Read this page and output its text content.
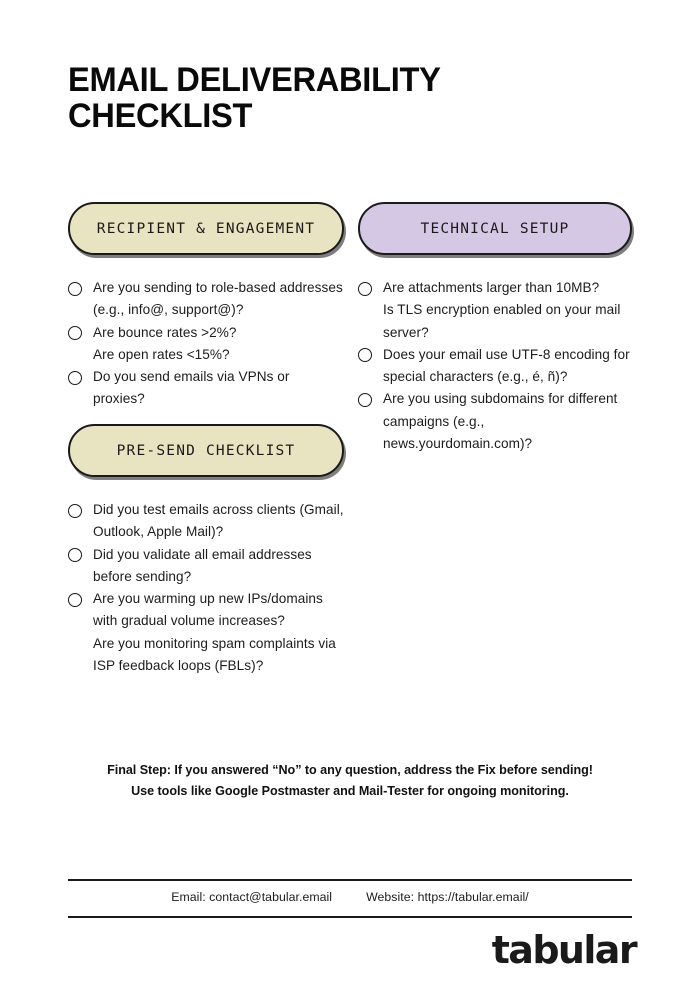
EMAIL DELIVERABILITY
CHECKLIST
RECIPIENT & ENGAGEMENT
Are you sending to role-based addresses (e.g., info@, support@)?
Are bounce rates >2%?
Are open rates <15%?
Do you send emails via VPNs or proxies?
TECHNICAL SETUP
Are attachments larger than 10MB?
Is TLS encryption enabled on your mail server?
Does your email use UTF-8 encoding for special characters (e.g., é, ñ)?
Are you using subdomains for different campaigns (e.g., news.yourdomain.com)?
PRE-SEND CHECKLIST
Did you test emails across clients (Gmail, Outlook, Apple Mail)?
Did you validate all email addresses before sending?
Are you warming up new IPs/domains with gradual volume increases?
Are you monitoring spam complaints via ISP feedback loops (FBLs)?
Final Step: If you answered “No” to any question, address the Fix before sending!
Use tools like Google Postmaster and Mail-Tester for ongoing monitoring.
Email: contact@tabular.email	Website: https://tabular.email/
tabular
